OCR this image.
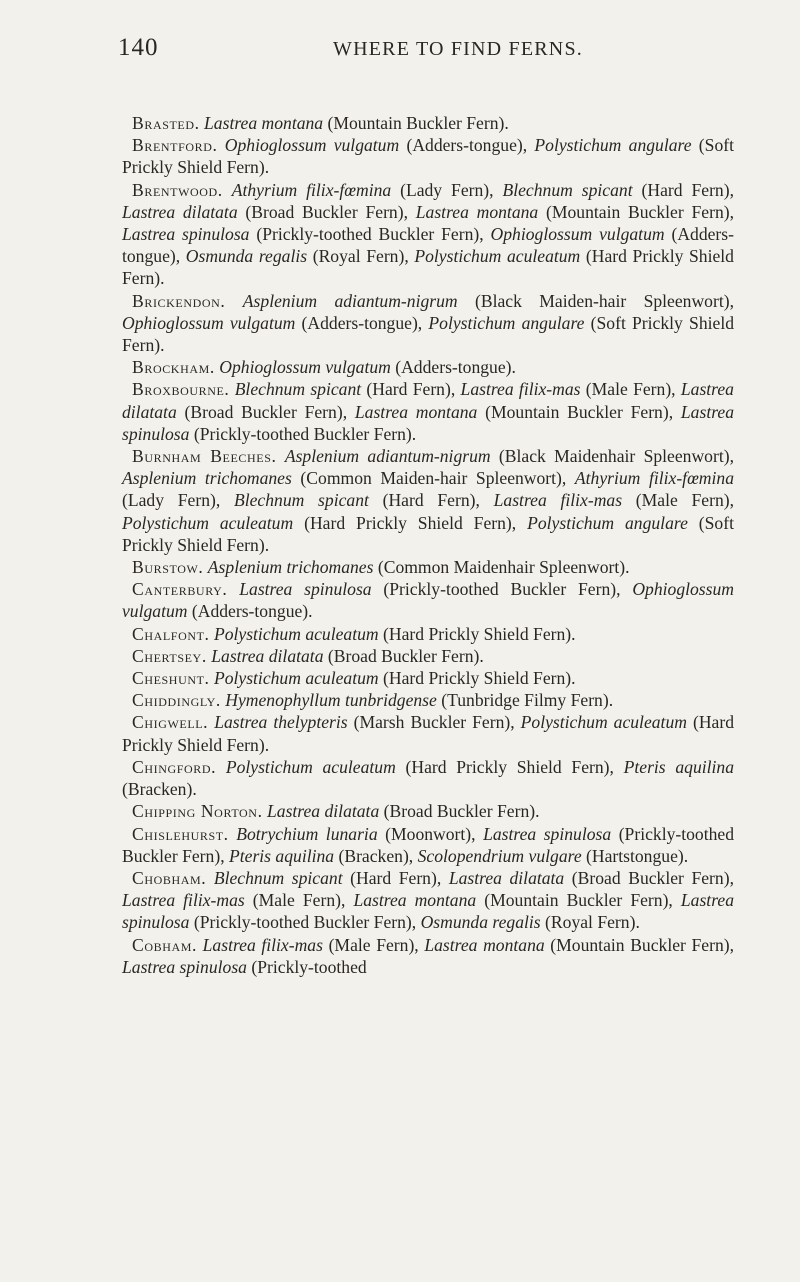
140	WHERE TO FIND FERNS.

Brasted. Lastrea montana (Mountain Buckler Fern).

Brentford. Ophioglossum vulgatum (Adders-tongue), Polystichum angulare (Soft Prickly Shield Fern).

Brentwood. Athyrium filix-fœmina (Lady Fern), Blechnum spicant (Hard Fern), Lastrea dilatata (Broad Buckler Fern), Lastrea montana (Mountain Buckler Fern), Lastrea spinulosa (Prickly-toothed Buckler Fern), Ophioglossum vulgatum (Adders-tongue), Osmunda regalis (Royal Fern), Polystichum aculeatum (Hard Prickly Shield Fern).

Brickendon. Asplenium adiantum-nigrum (Black Maiden-hair Spleenwort), Ophioglossum vulgatum (Adders-tongue), Polystichum angulare (Soft Prickly Shield Fern).

Brockham. Ophioglossum vulgatum (Adders-tongue).

Broxbourne. Blechnum spicant (Hard Fern), Lastrea filix-mas (Male Fern), Lastrea dilatata (Broad Buckler Fern), Lastrea montana (Mountain Buckler Fern), Lastrea spinulosa (Prickly-toothed Buckler Fern).

Burnham Beeches. Asplenium adiantum-nigrum (Black Maidenhair Spleenwort), Asplenium trichomanes (Common Maiden-hair Spleenwort), Athyrium filix-fœmina (Lady Fern), Blechnum spicant (Hard Fern), Lastrea filix-mas (Male Fern), Polystichum aculeatum (Hard Prickly Shield Fern), Polystichum angulare (Soft Prickly Shield Fern).

Burstow. Asplenium trichomanes (Common Maidenhair Spleenwort).

Canterbury. Lastrea spinulosa (Prickly-toothed Buckler Fern), Ophioglossum vulgatum (Adders-tongue).

Chalfont. Polystichum aculeatum (Hard Prickly Shield Fern).

Chertsey. Lastrea dilatata (Broad Buckler Fern).

Cheshunt. Polystichum aculeatum (Hard Prickly Shield Fern).

Chiddingly. Hymenophyllum tunbridgense (Tunbridge Filmy Fern).

Chigwell. Lastrea thelypteris (Marsh Buckler Fern), Polystichum aculeatum (Hard Prickly Shield Fern).

Chingford. Polystichum aculeatum (Hard Prickly Shield Fern), Pteris aquilina (Bracken).

Chipping Norton. Lastrea dilatata (Broad Buckler Fern).

Chislehurst. Botrychium lunaria (Moonwort), Lastrea spinulosa (Prickly-toothed Buckler Fern), Pteris aquilina (Bracken), Scolopendrium vulgare (Hartstongue).

Chobham. Blechnum spicant (Hard Fern), Lastrea dilatata (Broad Buckler Fern), Lastrea filix-mas (Male Fern), Lastrea montana (Mountain Buckler Fern), Lastrea spinulosa (Prickly-toothed Buckler Fern), Osmunda regalis (Royal Fern).

Cobham. Lastrea filix-mas (Male Fern), Lastrea montana (Mountain Buckler Fern), Lastrea spinulosa (Prickly-toothed
